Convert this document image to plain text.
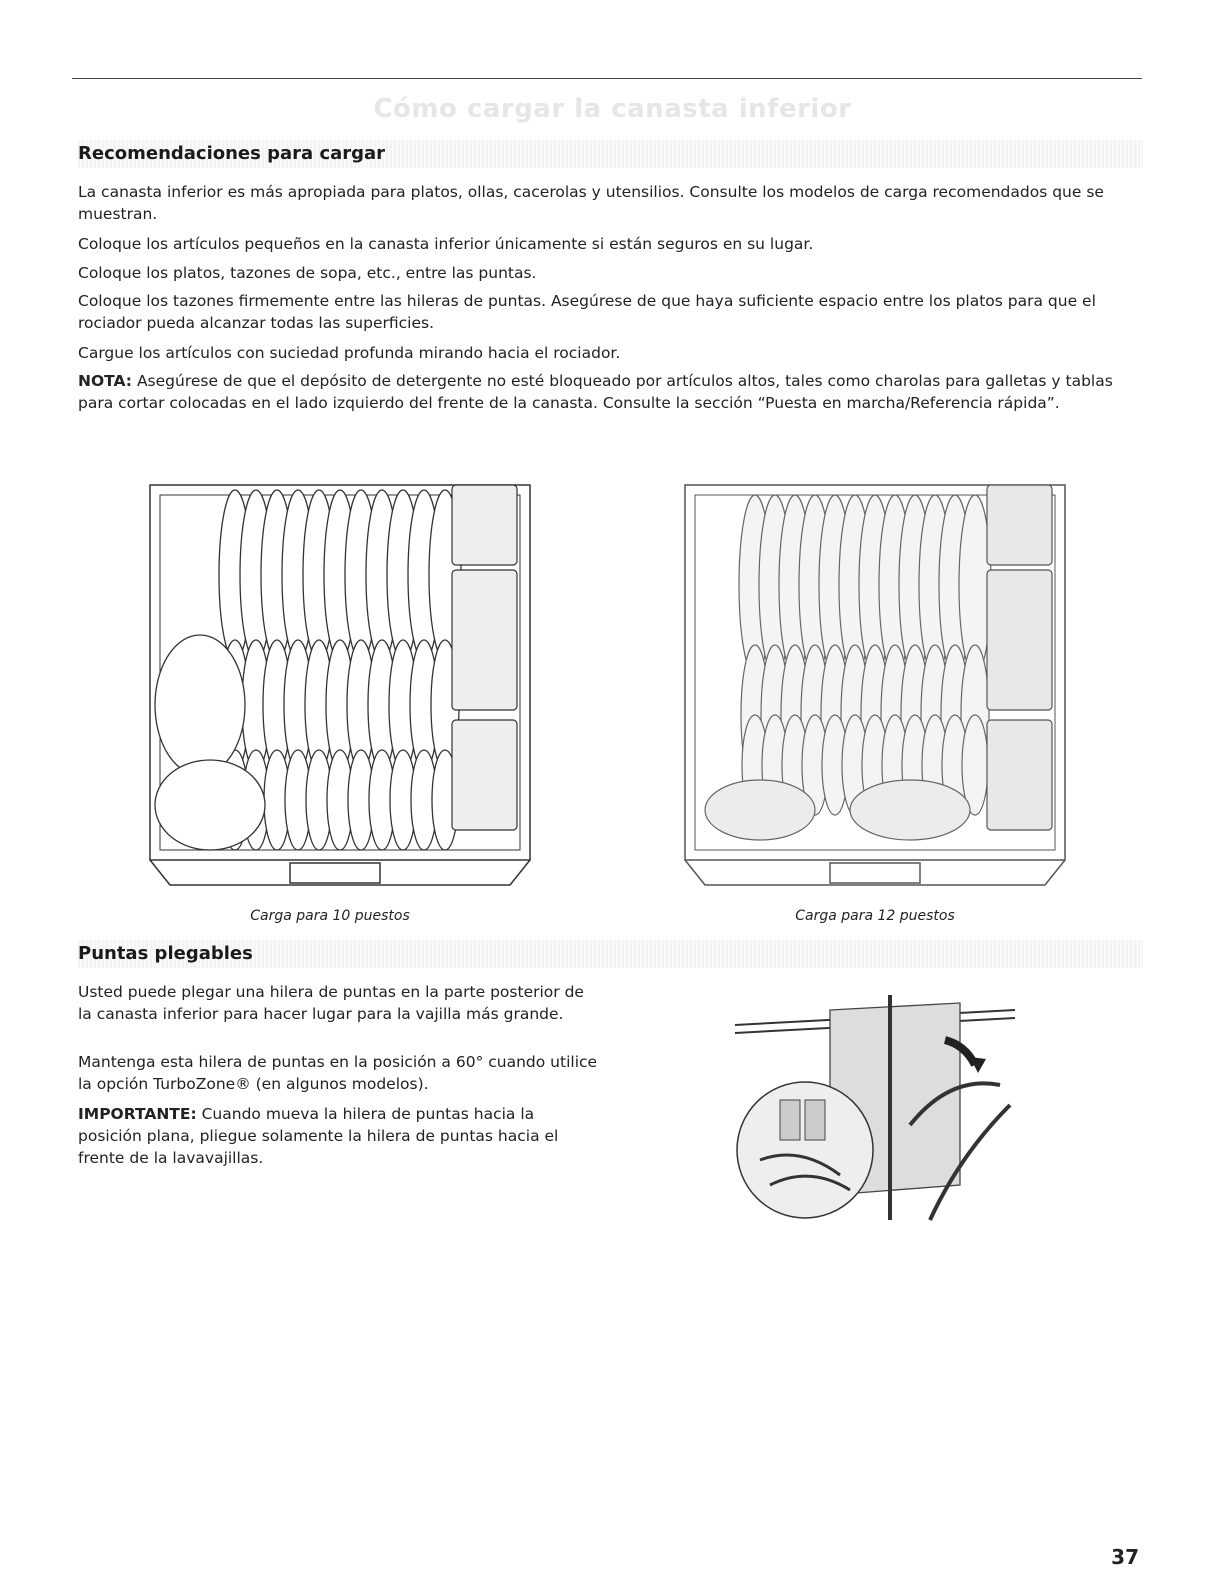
Cómo cargar la canasta inferior
Recomendaciones para cargar

La canasta inferior es más apropiada para platos, ollas, cacerolas y utensilios. Consulte los modelos de carga recomendados que se muestran.

Coloque los artículos pequeños en la canasta inferior únicamente si están seguros en su lugar.

Coloque los platos, tazones de sopa, etc., entre las puntas.

Coloque los tazones firmemente entre las hileras de puntas. Asegúrese de que haya suficiente espacio entre los platos para que el rociador pueda alcanzar todas las superficies.

Cargue los artículos con suciedad profunda mirando hacia el rociador.

NOTA: Asegúrese de que el depósito de detergente no esté bloqueado por artículos altos, tales como charolas para galletas y tablas para cortar colocadas en el lado izquierdo del frente de la canasta. Consulte la sección “Puesta en marcha/Referencia rápida”.

Carga para 10 puestos	Carga para 12 puestos
Puntas plegables

Usted puede plegar una hilera de puntas en la parte posterior de la canasta inferior para hacer lugar para la vajilla más grande.

Mantenga esta hilera de puntas en la posición a 60° cuando utilice la opción TurboZone® (en algunos modelos).

IMPORTANTE: Cuando mueva la hilera de puntas hacia la posición plana, pliegue solamente la hilera de puntas hacia el frente de la lavavajillas.

37
